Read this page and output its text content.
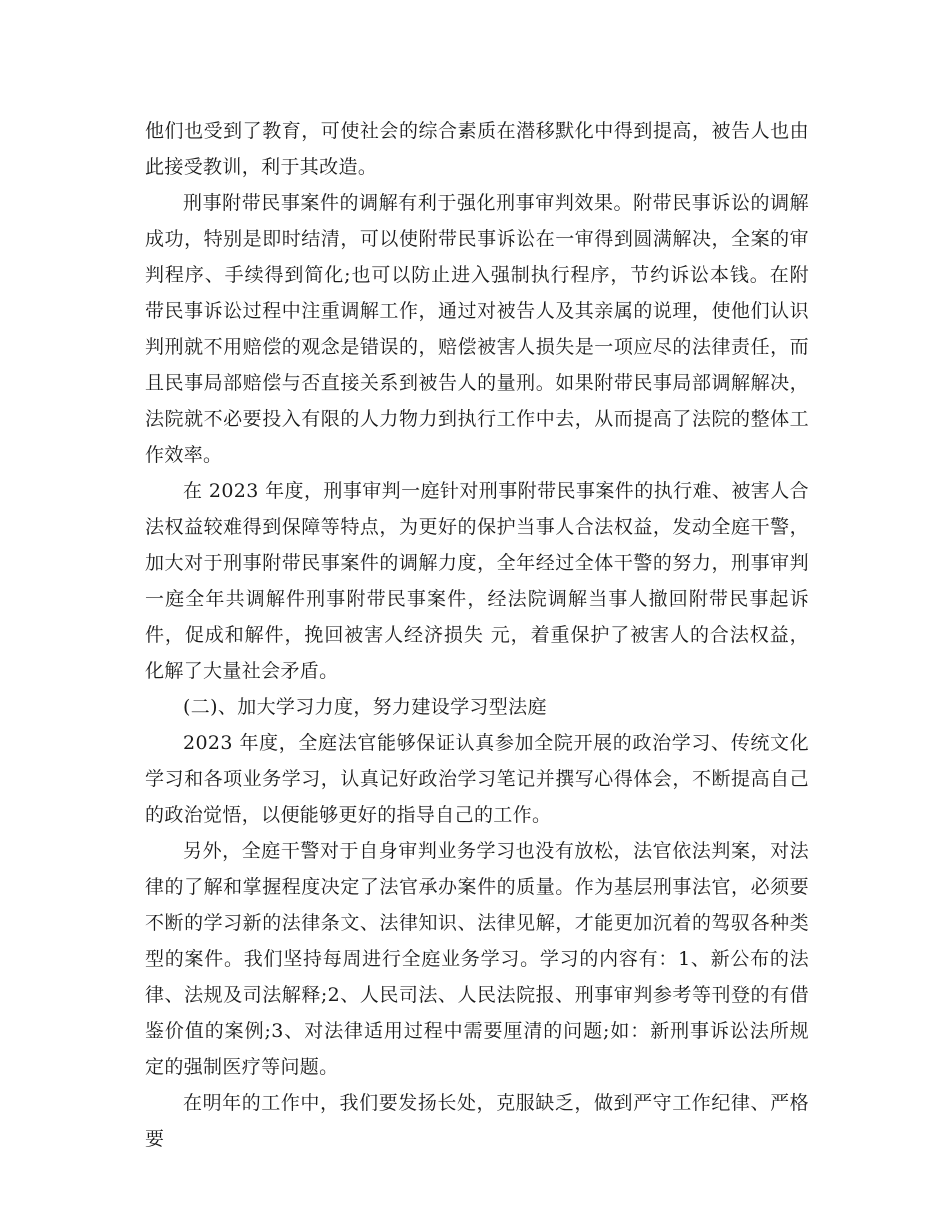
他们也受到了教育，可使社会的综合素质在潜移默化中得到提高，被告人也由此接受教训，利于其改造。

刑事附带民事案件的调解有利于强化刑事审判效果。附带民事诉讼的调解成功，特别是即时结清，可以使附带民事诉讼在一审得到圆满解决，全案的审判程序、手续得到简化;也可以防止进入强制执行程序，节约诉讼本钱。在附带民事诉讼过程中注重调解工作，通过对被告人及其亲属的说理，使他们认识判刑就不用赔偿的观念是错误的，赔偿被害人损失是一项应尽的法律责任，而且民事局部赔偿与否直接关系到被告人的量刑。如果附带民事局部调解解决，法院就不必要投入有限的人力物力到执行工作中去，从而提高了法院的整体工作效率。

在 2023 年度，刑事审判一庭针对刑事附带民事案件的执行难、被害人合法权益较难得到保障等特点，为更好的保护当事人合法权益，发动全庭干警，加大对于刑事附带民事案件的调解力度，全年经过全体干警的努力，刑事审判一庭全年共调解件刑事附带民事案件，经法院调解当事人撤回附带民事起诉 件，促成和解件，挽回被害人经济损失 元，着重保护了被害人的合法权益，化解了大量社会矛盾。

(二)、加大学习力度，努力建设学习型法庭

2023 年度，全庭法官能够保证认真参加全院开展的政治学习、传统文化学习和各项业务学习，认真记好政治学习笔记并撰写心得体会，不断提高自己的政治觉悟，以便能够更好的指导自己的工作。

另外，全庭干警对于自身审判业务学习也没有放松，法官依法判案，对法律的了解和掌握程度决定了法官承办案件的质量。作为基层刑事法官，必须要不断的学习新的法律条文、法律知识、法律见解，才能更加沉着的驾驭各种类型的案件。我们坚持每周进行全庭业务学习。学习的内容有：1、新公布的法律、法规及司法解释;2、人民司法、人民法院报、刑事审判参考等刊登的有借鉴价值的案例;3、对法律适用过程中需要厘清的问题;如：新刑事诉讼法所规定的强制医疗等问题。

在明年的工作中，我们要发扬长处，克服缺乏，做到严守工作纪律、严格要
